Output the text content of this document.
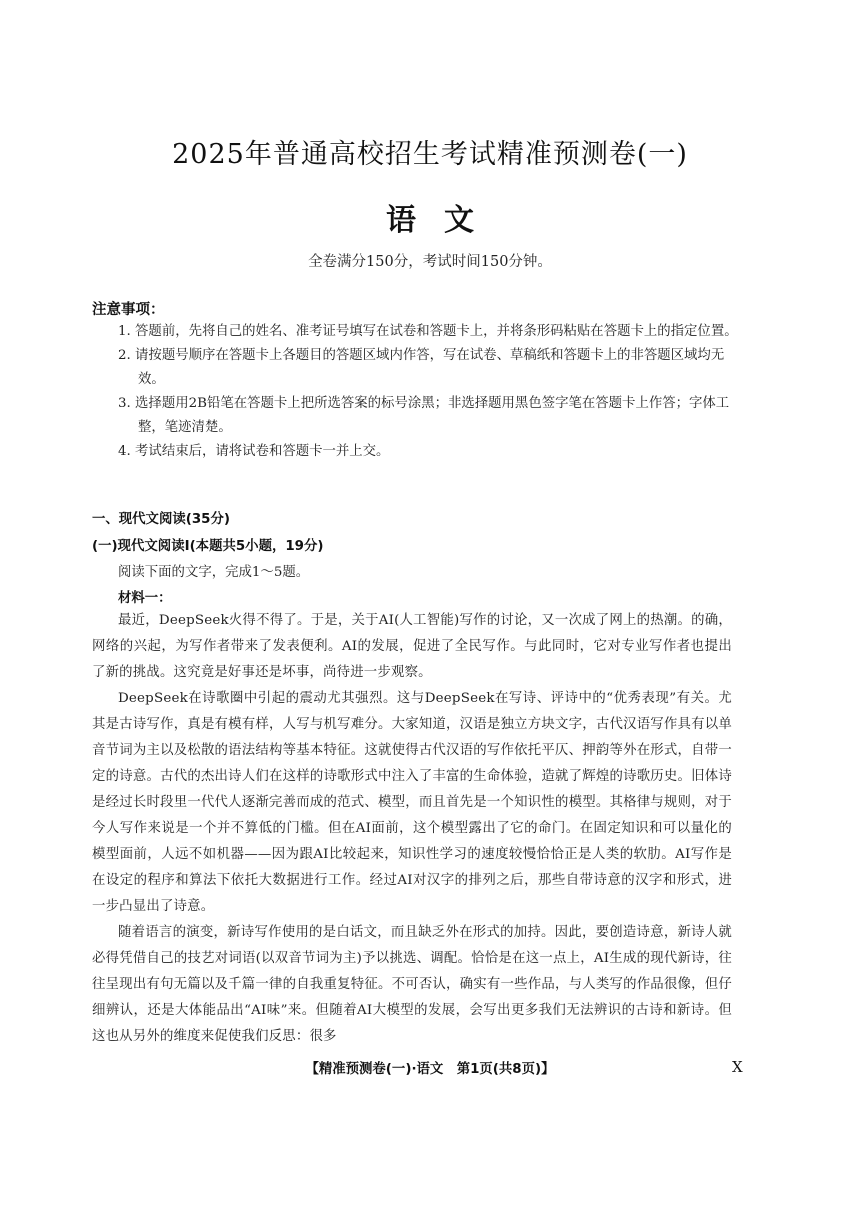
2025年普通高校招生考试精准预测卷(一)
语文
全卷满分150分，考试时间150分钟。
注意事项：

1. 答题前，先将自己的姓名、准考证号填写在试卷和答题卡上，并将条形码粘贴在答题卡上的指定位置。

2. 请按题号顺序在答题卡上各题目的答题区域内作答，写在试卷、草稿纸和答题卡上的非答题区域均无效。

3. 选择题用2B铅笔在答题卡上把所选答案的标号涂黑；非选择题用黑色签字笔在答题卡上作答；字体工整，笔迹清楚。

4. 考试结束后，请将试卷和答题卡一并上交。

一、现代文阅读(35分)
(一)现代文阅读Ⅰ(本题共5小题，19分)
阅读下面的文字，完成1～5题。
材料一：

最近，DeepSeek火得不得了。于是，关于AI(人工智能)写作的讨论，又一次成了网上的热潮。的确，网络的兴起，为写作者带来了发表便利。AI的发展，促进了全民写作。与此同时，它对专业写作者也提出了新的挑战。这究竟是好事还是坏事，尚待进一步观察。

DeepSeek在诗歌圈中引起的震动尤其强烈。这与DeepSeek在写诗、评诗中的“优秀表现”有关。尤其是古诗写作，真是有模有样，人写与机写难分。大家知道，汉语是独立方块文字，古代汉语写作具有以单音节词为主以及松散的语法结构等基本特征。这就使得古代汉语的写作依托平仄、押韵等外在形式，自带一定的诗意。古代的杰出诗人们在这样的诗歌形式中注入了丰富的生命体验，造就了辉煌的诗歌历史。旧体诗是经过长时段里一代代人逐渐完善而成的范式、模型，而且首先是一个知识性的模型。其格律与规则，对于今人写作来说是一个并不算低的门槛。但在AI面前，这个模型露出了它的命门。在固定知识和可以量化的模型面前，人远不如机器——因为跟AI比较起来，知识性学习的速度较慢恰恰正是人类的软肋。AI写作是在设定的程序和算法下依托大数据进行工作。经过AI对汉字的排列之后，那些自带诗意的汉字和形式，进一步凸显出了诗意。

随着语言的演变，新诗写作使用的是白话文，而且缺乏外在形式的加持。因此，要创造诗意，新诗人就必得凭借自己的技艺对词语(以双音节词为主)予以挑选、调配。恰恰是在这一点上，AI生成的现代新诗，往往呈现出有句无篇以及千篇一律的自我重复特征。不可否认，确实有一些作品，与人类写的作品很像，但仔细辨认，还是大体能品出“AI味”来。但随着AI大模型的发展，会写出更多我们无法辨识的古诗和新诗。但这也从另外的维度来促使我们反思：很多

【精准预测卷(一)·语文　第1页(共8页)】	X
